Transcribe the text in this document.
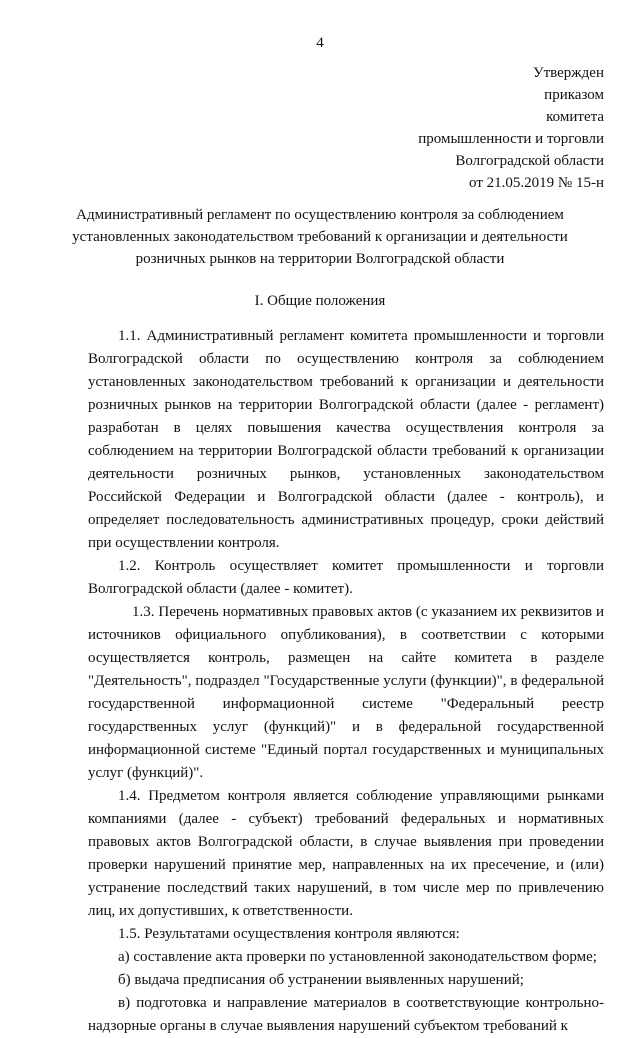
4
Утвержден
приказом
комитета
промышленности и торговли
Волгоградской области
от 21.05.2019 № 15-н
Административный регламент по осуществлению контроля за соблюдением
установленных законодательством требований к организации и деятельности
розничных рынков на территории Волгоградской области
I. Общие положения

1.1. Административный регламент комитета промышленности и торговли Волгоградской области по осуществлению контроля за соблюдением установленных законодательством требований к организации и деятельности розничных рынков на территории Волгоградской области (далее - регламент) разработан в целях повышения качества осуществления контроля за соблюдением на территории Волгоградской области требований к организации деятельности розничных рынков, установленных законодательством Российской Федерации и Волгоградской области (далее - контроль), и определяет последовательность административных процедур, сроки действий при осуществлении контроля.

1.2. Контроль осуществляет комитет промышленности и торговли Волгоградской области (далее - комитет).

1.3. Перечень нормативных правовых актов (с указанием их реквизитов и источников официального опубликования), в соответствии с которыми осуществляется контроль, размещен на сайте комитета в разделе "Деятельность", подраздел "Государственные услуги (функции)", в федеральной государственной информационной системе "Федеральный реестр государственных услуг (функций)" и в федеральной государственной информационной системе "Единый портал государственных и муниципальных услуг (функций)".

1.4. Предметом контроля является соблюдение управляющими рынками компаниями (далее - субъект) требований федеральных и нормативных правовых актов Волгоградской области, в случае выявления при проведении проверки нарушений принятие мер, направленных на их пресечение, и (или) устранение последствий таких нарушений, в том числе мер по привлечению лиц, их допустивших, к ответственности.

1.5. Результатами осуществления контроля являются:

а) составление акта проверки по установленной законодательством форме;

б) выдача предписания об устранении выявленных нарушений;

в) подготовка и направление материалов в соответствующие контрольно-надзорные органы в случае выявления нарушений субъектом требований к
